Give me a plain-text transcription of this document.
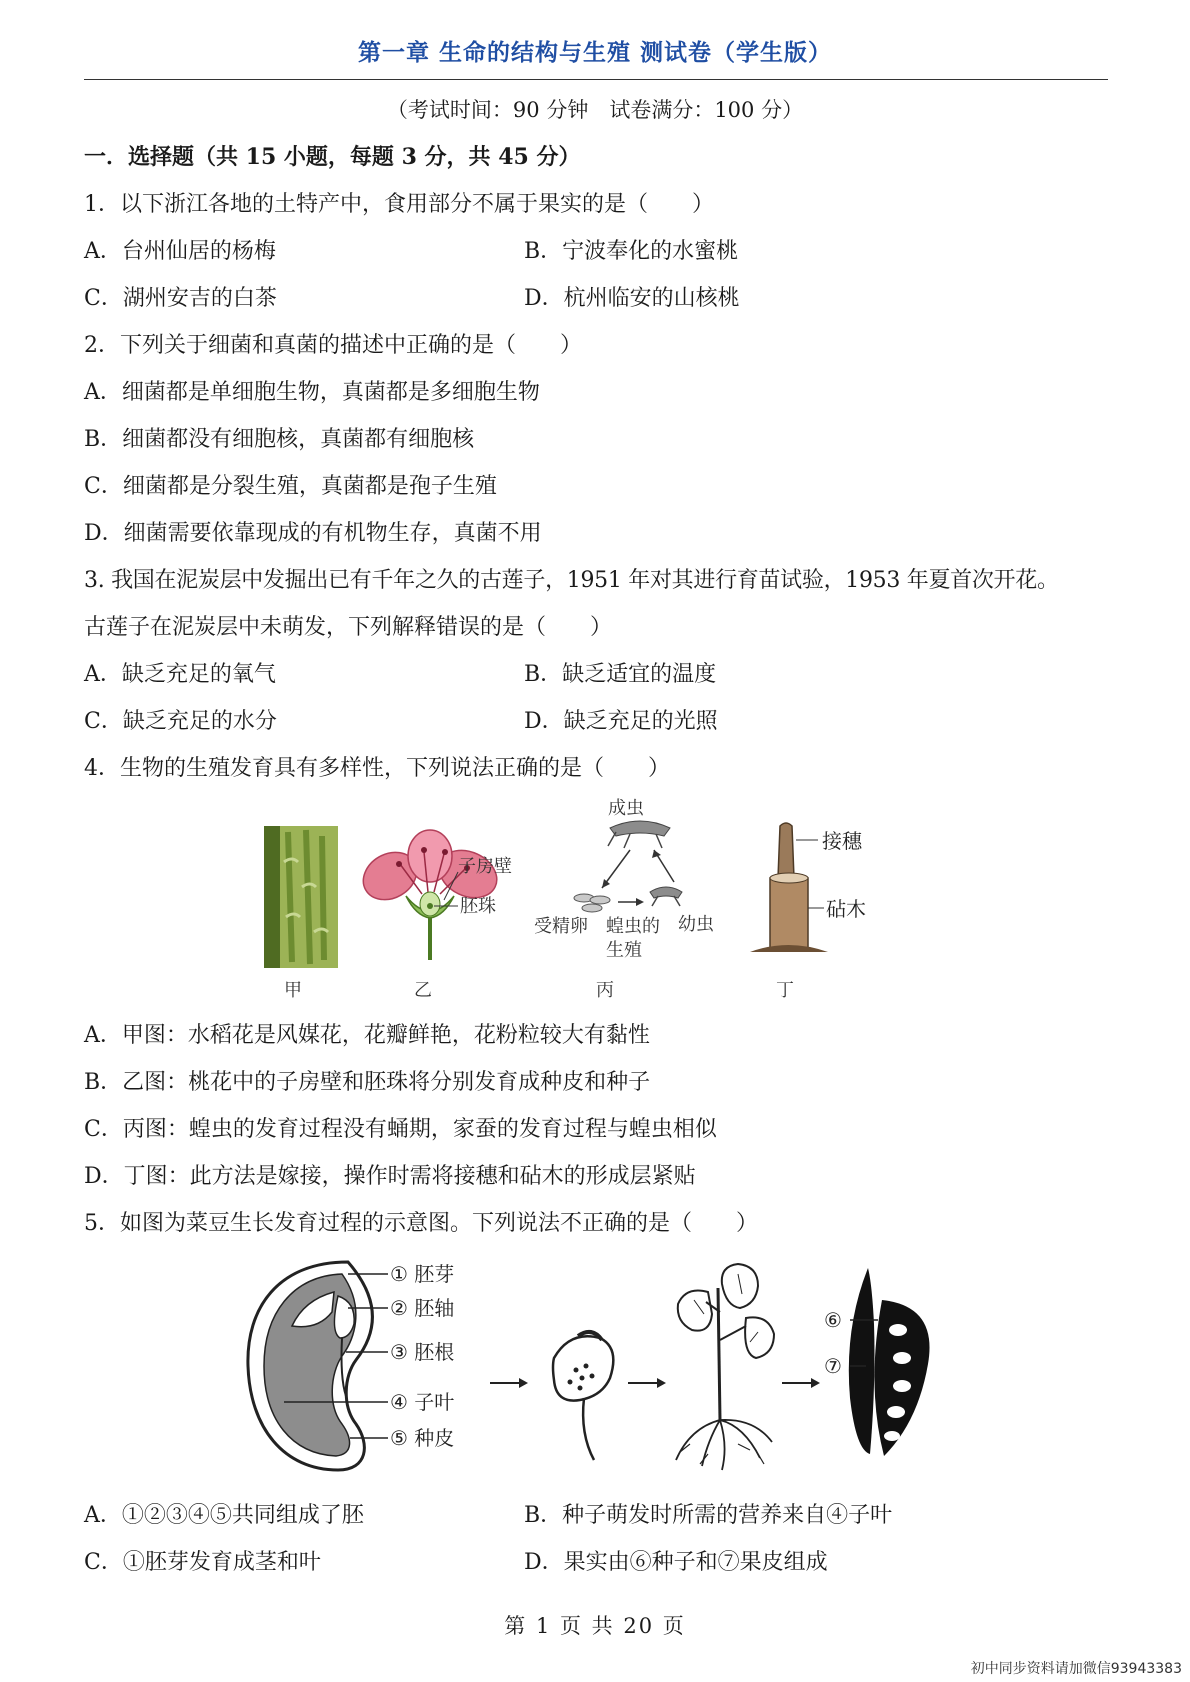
第一章 生命的结构与生殖 测试卷（学生版）
（考试时间：90 分钟　试卷满分：100 分）
一．选择题（共 15 小题，每题 3 分，共 45 分）
1．以下浙江各地的土特产中，食用部分不属于果实的是（　　）
A．台州仙居的杨梅	B．宁波奉化的水蜜桃
C．湖州安吉的白茶	D．杭州临安的山核桃
2．下列关于细菌和真菌的描述中正确的是（　　）
A．细菌都是单细胞生物，真菌都是多细胞生物
B．细菌都没有细胞核，真菌都有细胞核
C．细菌都是分裂生殖，真菌都是孢子生殖
D．细菌需要依靠现成的有机物生存，真菌不用
3. 我国在泥炭层中发掘出已有千年之久的古莲子，1951 年对其进行育苗试验，1953 年夏首次开花。
古莲子在泥炭层中未萌发，下列解释错误的是（　　）
A．缺乏充足的氧气	B．缺乏适宜的温度
C．缺乏充足的水分	D．缺乏充足的光照
4．生物的生殖发育具有多样性，下列说法正确的是（　　）
甲
子房壁
胚珠
乙
成虫
受精卵 蝗虫的
生殖
幼虫
丙
接穗
砧木
丁
A．甲图：水稻花是风媒花，花瓣鲜艳，花粉粒较大有黏性
B．乙图：桃花中的子房壁和胚珠将分别发育成种皮和种子
C．丙图：蝗虫的发育过程没有蛹期，家蚕的发育过程与蝗虫相似
D．丁图：此方法是嫁接，操作时需将接穗和砧木的形成层紧贴
5．如图为菜豆生长发育过程的示意图。下列说法不正确的是（　　）
① 胚芽
② 胚轴
③ 胚根
④ 子叶
⑤ 种皮
⑥
⑦
A．①②③④⑤共同组成了胚	B．种子萌发时所需的营养来自④子叶
C．①胚芽发育成茎和叶	D．果实由⑥种子和⑦果皮组成
第 1 页 共 20 页
初中同步资料请加微信93943383
